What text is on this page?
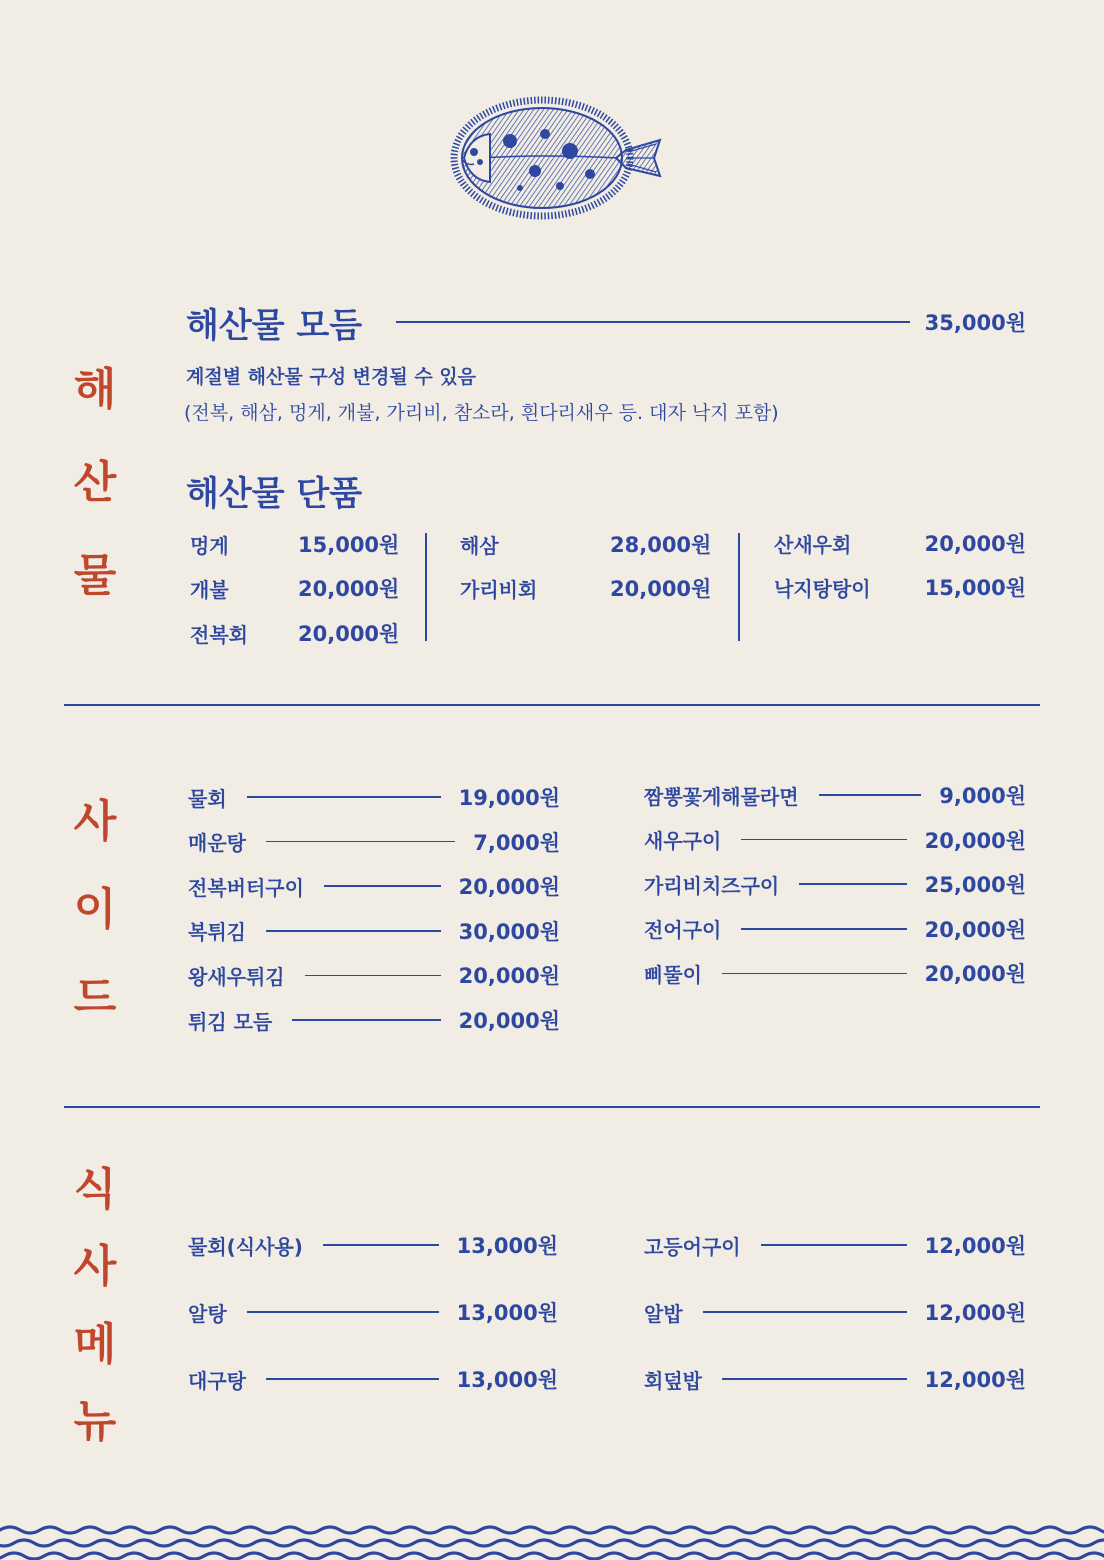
해
산
물
해산물 모듬	35,000원
계절별 해산물 구성 변경될 수 있음
(전복, 해삼, 멍게, 개불, 가리비, 참소라, 흰다리새우 등. 대자 낙지 포함)
해산물 단품
멍게	15,000원
개불	20,000원
전복회 20,000원
해삼	28,000원
가리비회	20,000원
산새우회	20,000원
낙지탕탕이	15,000원
사
이
드
물회	19,000원
매운탕	7,000원
전복버터구이	20,000원
복튀김	30,000원
왕새우튀김	20,000원
튀김 모듬	20,000원
짬뽕꽃게해물라면	9,000원
새우구이	20,000원
가리비치즈구이	25,000원
전어구이	20,000원
삐뚤이	20,000원
식
사
메
뉴
물회(식사용)	13,000원
알탕	13,000원
대구탕	13,000원
고등어구이	12,000원
알밥	12,000원
회덮밥	12,000원
